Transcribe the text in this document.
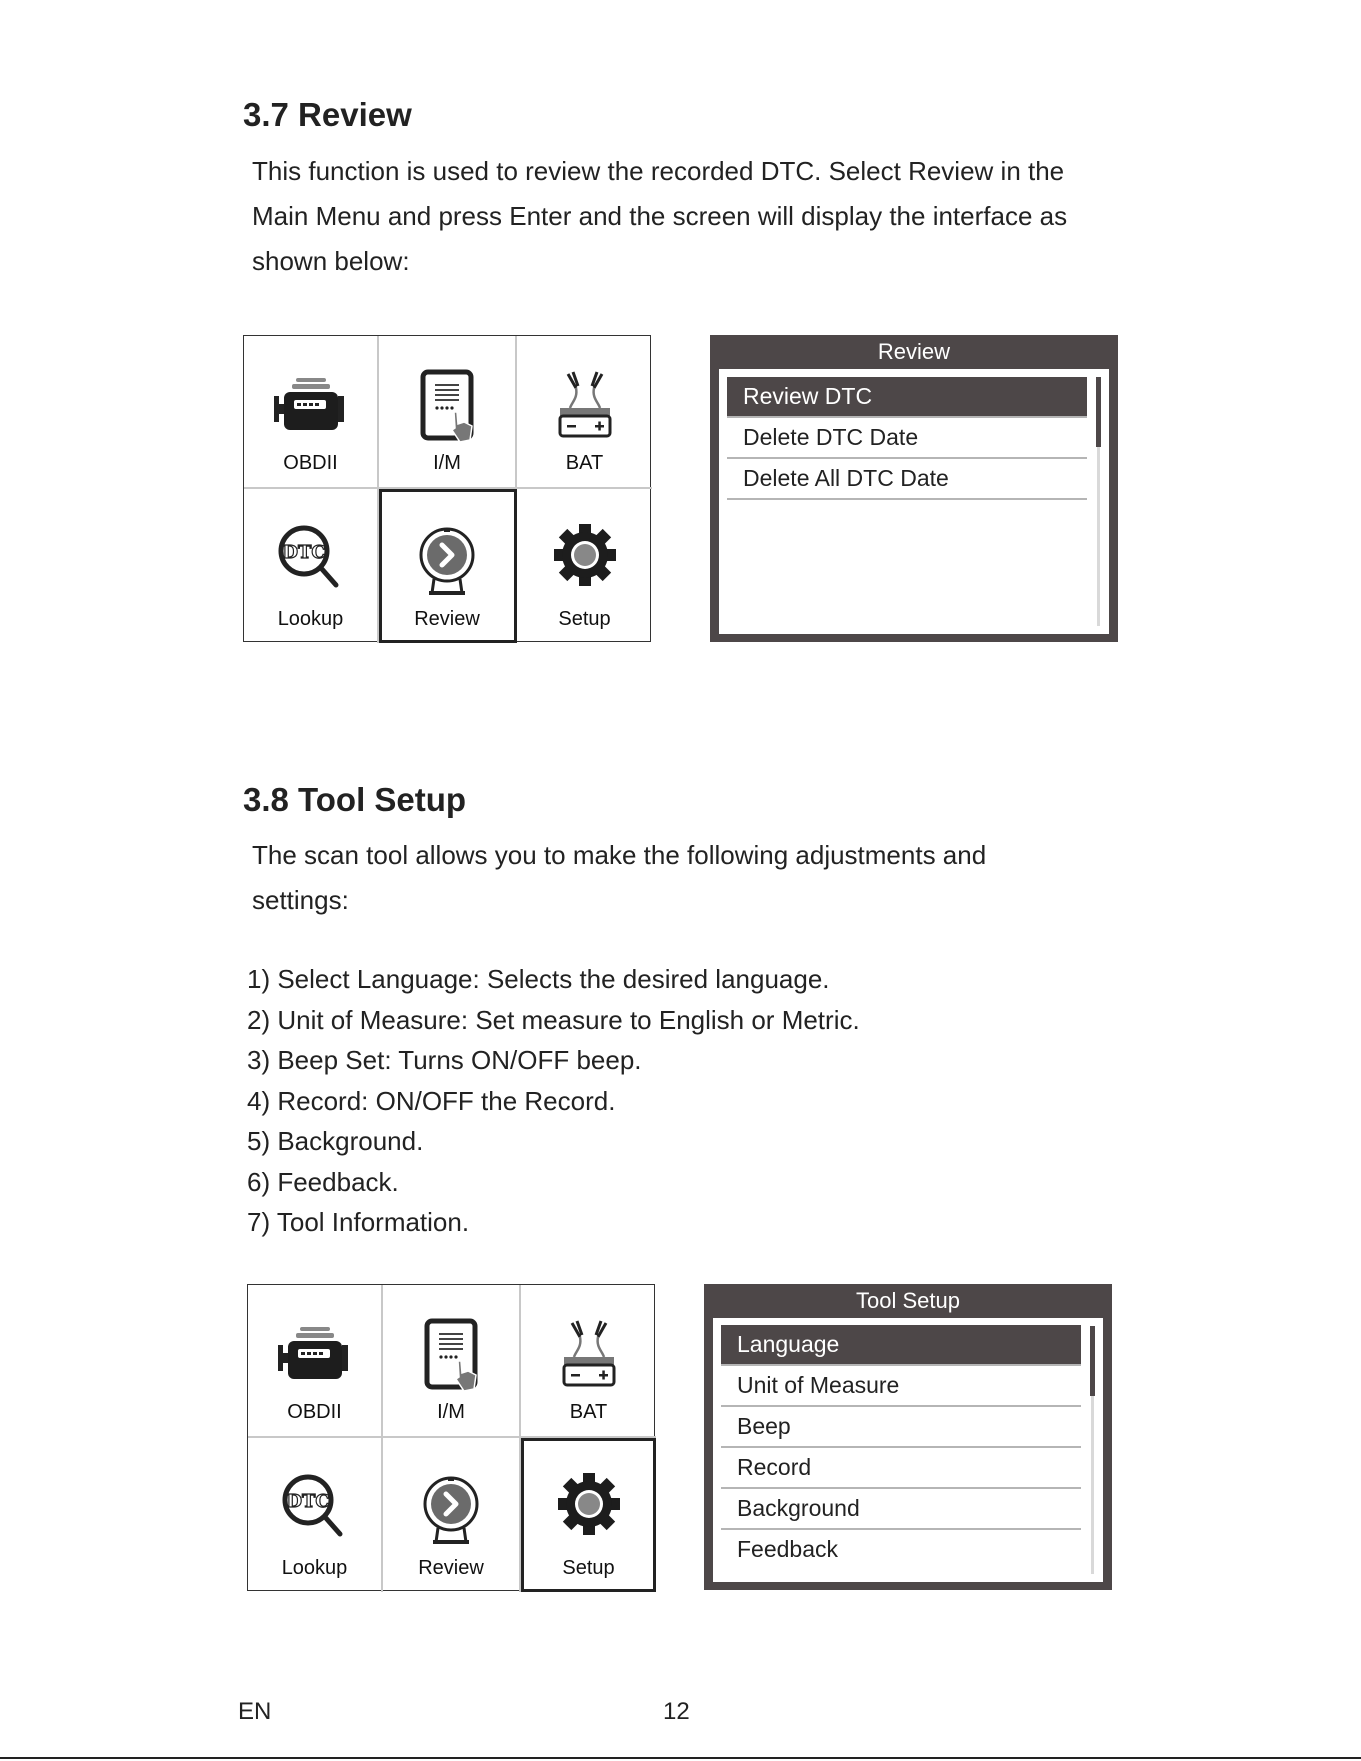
3.7 Review
This function is used to review the recorded DTC. Select Review in the
Main Menu and press Enter and the screen will display the interface as
shown below:
OBDII	I/M	BAT
DTC
Lookup	Review	Setup
Review
Review DTC
Delete DTC Date
Delete All DTC Date
3.8 Tool Setup
The scan tool allows you to make the following adjustments and
settings:
1) Select Language: Selects the desired language.
2) Unit of Measure: Set measure to English or Metric.
3) Beep Set: Turns ON/OFF beep.
4) Record: ON/OFF the Record.
5) Background.
6) Feedback.
7) Tool Information.
OBDII	I/M	BAT
DTC
Lookup	Review	Setup
Tool Setup
Language
Unit of Measure
Beep
Record
Background
Feedback
EN	12
